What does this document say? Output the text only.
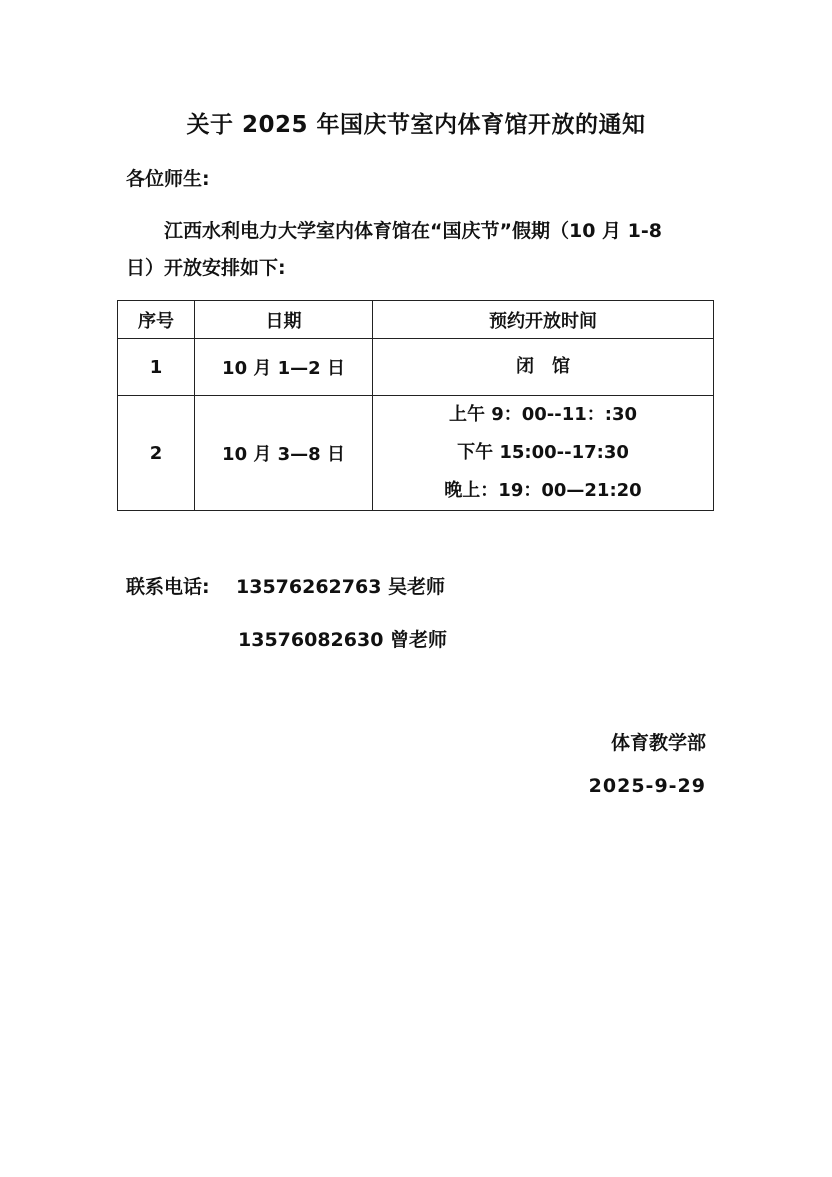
关于 2025 年国庆节室内体育馆开放的通知
各位师生:
江西水利电力大学室内体育馆在“国庆节”假期（10 月 1-8 日）开放安排如下:
序号	日期	预约开放时间
1	10 月 1—2 日	闭　馆

2	10 月 3—8 日	上午 9：00--11：:30
下午 15:00--17:30
晚上：19：00—21:20
联系电话: 13576262763 吴老师
13576082630 曾老师
体育教学部
2025-9-29
